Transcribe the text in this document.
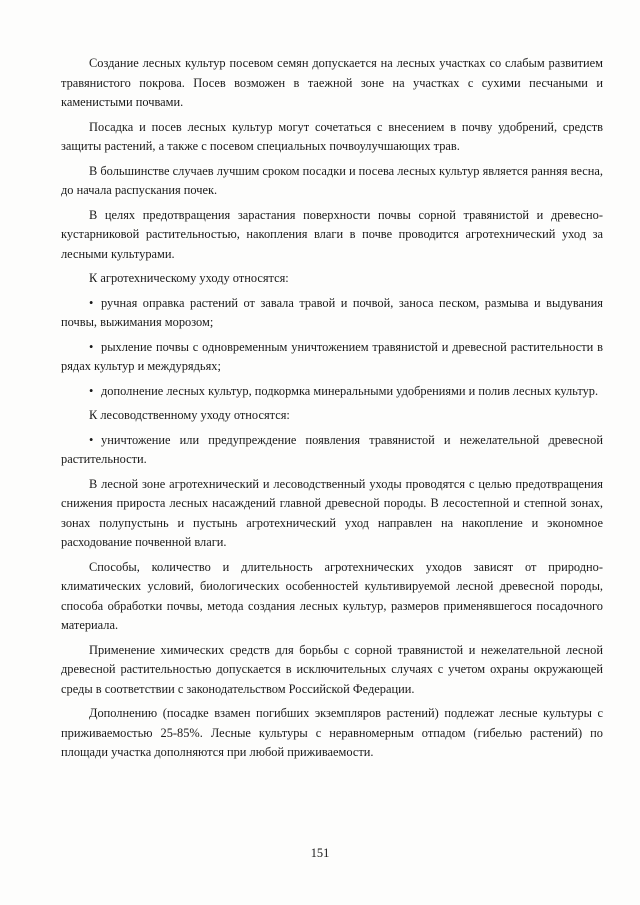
Создание лесных культур посевом семян допускается на лесных участках со слабым развитием травянистого покрова. Посев возможен в таежной зоне на участках с сухими песчаными и каменистыми почвами.

Посадка и посев лесных культур могут сочетаться с внесением в почву удобрений, средств защиты растений, а также с посевом специальных почвоулучшающих трав.

В большинстве случаев лучшим сроком посадки и посева лесных культур является ранняя весна, до начала распускания почек.

В целях предотвращения зарастания поверхности почвы сорной травянистой и древесно-кустарниковой растительностью, накопления влаги в почве проводится агротехнический уход за лесными культурами.

К агротехническому уходу относятся:

• ручная оправка растений от завала травой и почвой, заноса песком, размыва и выдувания почвы, выжимания морозом;

• рыхление почвы с одновременным уничтожением травянистой и древесной растительности в рядах культур и междурядьях;

• дополнение лесных культур, подкормка минеральными удобрениями и полив лесных культур.

К лесоводственному уходу относятся:

• уничтожение или предупреждение появления травянистой и нежелательной древесной растительности.

В лесной зоне агротехнический и лесоводственный уходы проводятся с целью предотвращения снижения прироста лесных насаждений главной древесной породы. В лесостепной и степной зонах, зонах полупустынь и пустынь агротехнический уход направлен на накопление и экономное расходование почвенной влаги.

Способы, количество и длительность агротехнических уходов зависят от природно-климатических условий, биологических особенностей культивируемой лесной древесной породы, способа обработки почвы, метода создания лесных культур, размеров применявшегося посадочного материала.

Применение химических средств для борьбы с сорной травянистой и нежелательной лесной древесной растительностью допускается в исключительных случаях с учетом охраны окружающей среды в соответствии с законодательством Российской Федерации.

Дополнению (посадке взамен погибших экземпляров растений) подлежат лесные культуры с приживаемостью 25-85%. Лесные культуры с неравномерным отпадом (гибелью растений) по площади участка дополняются при любой приживаемости.

151
